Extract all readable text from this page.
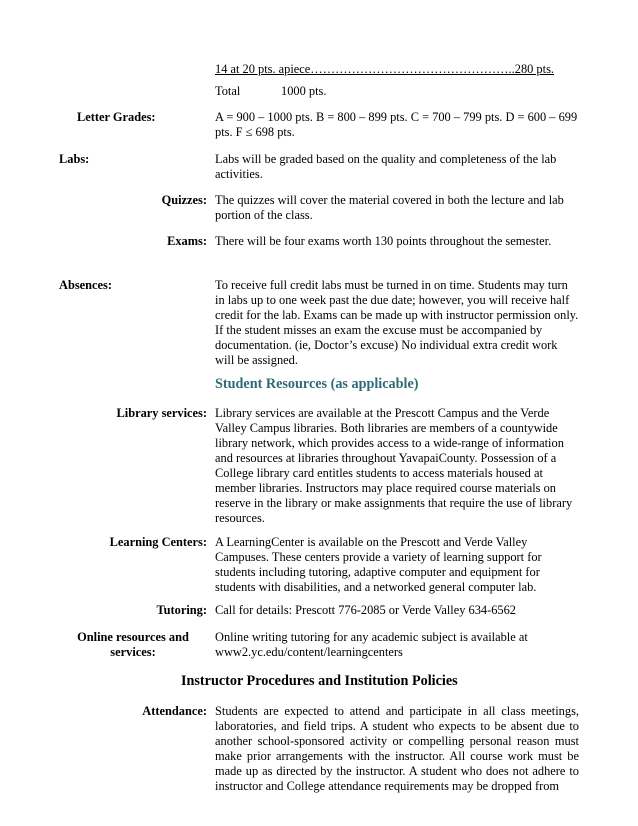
14 at 20 pts. apiece…………………………………………..280 pts.
Total	1000 pts.
Letter Grades:	A = 900 – 1000 pts. B = 800 – 899 pts. C = 700 – 799 pts. D = 600 – 699 pts. F ≤ 698 pts.
Labs:	Labs will be graded based on the quality and completeness of the lab activities.
Quizzes: The quizzes will cover the material covered in both the lecture and lab portion of the class.
Exams: There will be four exams worth 130 points throughout the semester.
Absences:	To receive full credit labs must be turned in on time. Students may turn in labs up to one week past the due date; however, you will receive half credit for the lab. Exams can be made up with instructor permission only. If the student misses an exam the excuse must be accompanied by documentation. (ie, Doctor’s excuse) No individual extra credit work will be assigned.
Student Resources (as applicable)
Library services: Library services are available at the Prescott Campus and the Verde Valley Campus libraries. Both libraries are members of a countywide library network, which provides access to a wide-range of information and resources at libraries throughout YavapaiCounty. Possession of a College library card entitles students to access materials housed at member libraries. Instructors may place required course materials on reserve in the library or make assignments that require the use of library resources.
Learning Centers: A LearningCenter is available on the Prescott and Verde Valley Campuses. These centers provide a variety of learning support for students including tutoring, adaptive computer and equipment for students with disabilities, and a networked general computer lab.
Tutoring: Call for details: Prescott 776-2085 or Verde Valley 634-6562
Online resources and
services:
Online writing tutoring for any academic subject is available at www2.yc.edu/content/learningcenters
Instructor Procedures and Institution Policies
Attendance: Students are expected to attend and participate in all class meetings, laboratories, and field trips. A student who expects to be absent due to another school-sponsored activity or compelling personal reason must make prior arrangements with the instructor. All course work must be made up as directed by the instructor. A student who does not adhere to instructor and College attendance requirements may be dropped from
